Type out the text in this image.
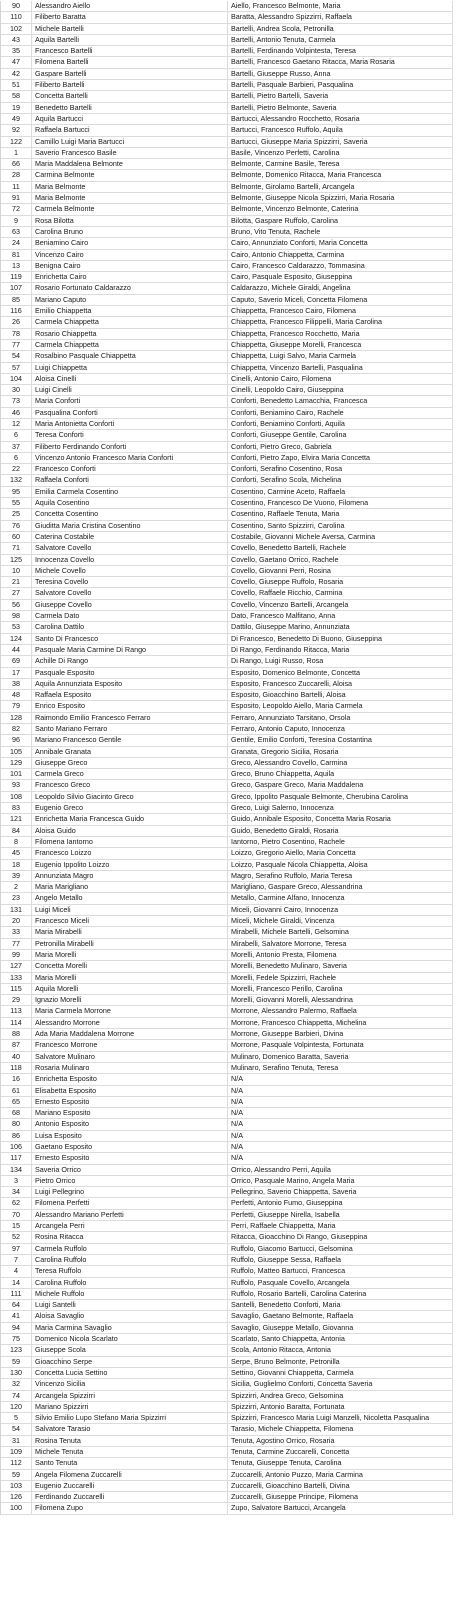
90	Alessandro Aiello	Aiello, Francesco Belmonte, Maria
110	Filiberto Baratta	Baratta, Alessandro Spizzirri, Raffaela
102	Michele Bartelli	Bartelli, Andrea Scola, Petronilla
43	Aquila Bartelli	Bartelli, Antonio Tenuta, Carmela
35	Francesco Bartelli	Bartelli, Ferdinando Volpintesta, Teresa
47	Filomena Bartelli	Bartelli, Francesco Gaetano Ritacca, Maria Rosaria
42	Gaspare Bartelli	Bartelli, Giuseppe Russo, Anna
51	Filiberto Bartelli	Bartelli, Pasquale Barbieri, Pasqualina
58	Concetta Bartelli	Bartelli, Pietro Bartelli, Saveria
19	Benedetto Bartelli	Bartelli, Pietro Belmonte, Saveria
49	Aquila Bartucci	Bartucci, Alessandro Rocchetto, Rosaria
92	Raffaela Bartucci	Bartucci, Francesco Ruffolo, Aquila
122	Camillo Luigi Maria Bartucci	Bartucci, Giuseppe Maria Spizzirri, Saveria
1	Saverio Francesco Basile	Basile, Vincenzo Perfetti, Carolina
66	Maria Maddalena Belmonte	Belmonte, Carmine Basile, Teresa
28	Carmina Belmonte	Belmonte, Domenico Ritacca, Maria Francesca
11	Maria Belmonte	Belmonte, Girolamo Bartelli, Arcangela
91	Maria Belmonte	Belmonte, Giuseppe Nicola Spizzirri, Maria Rosaria
72	Carmela Belmonte	Belmonte, Vincenzo Belmonte, Caterina
9	Rosa Bilotta	Bilotta, Gaspare Ruffolo, Carolina
63	Carolina Bruno	Bruno, Vito Tenuta, Rachele
24	Beniamino Cairo	Cairo, Annunziato Conforti, Maria Concetta
81	Vincenzo Cairo	Cairo, Antonio Chiappetta, Carmina
13	Benigna Cairo	Cairo, Francesco Caldarazzo, Tommasina
119	Enrichetta Cairo	Cairo, Pasquale Esposito, Giuseppina
107	Rosario Fortunato Caldarazzo	Caldarazzo, Michele Giraldi, Angelina
85	Mariano Caputo	Caputo, Saverio Miceli, Concetta Filomena
116	Emilio Chiappetta	Chiappetta, Francesco Cairo, Filomena
26	Carmela Chiappetta	Chiappetta, Francesco Filippelli, Maria Carolina
78	Rosario Chiappetta	Chiappetta, Francesco Rocchetto, Maria
77	Carmela Chiappetta	Chiappetta, Giuseppe Morelli, Francesca
54	Rosalbino Pasquale Chiappetta	Chiappetta, Luigi Salvo, Maria Carmela
57	Luigi Chiappetta	Chiappetta, Vincenzo Bartelli, Pasqualina
104	Aloisa Cinelli	Cinelli, Antonio Cairo, Filomena
30	Luigi Cinelli	Cinelli, Leopoldo Cairo, Giuseppina
73	Maria Conforti	Conforti, Benedetto Lamacchia, Francesca
46	Pasqualina Conforti	Conforti, Beniamino Cairo, Rachele
12	Maria Antonietta Conforti	Conforti, Beniamino Conforti, Aquila
6	Teresa Conforti	Conforti, Giuseppe Gentile, Carolina
37	Filiberto Ferdinando Conforti	Conforti, Pietro Greco, Gabriela
6	Vincenzo Antonio Francesco Maria Conforti	Conforti, Pietro Zapo, Elvira Maria Concetta
22	Francesco Conforti	Conforti, Serafino Cosentino, Rosa
132	Raffaela Conforti	Conforti, Serafino Scola, Michelina
95	Emilia Carmela Cosentino	Cosentino, Carmine Aceto, Raffaela
55	Aquila Cosentino	Cosentino, Francesco De Vuono, Filomena
25	Concetta Cosentino	Cosentino, Raffaele Tenuta, Maria
76	Giuditta Maria Cristina Cosentino	Cosentino, Santo Spizzirri, Carolina
60	Caterina Costabile	Costabile, Giovanni Michele Aversa, Carmina
71	Salvatore Covello	Covello, Benedetto Bartelli, Rachele
125	Innocenza Covello	Covello, Gaetano Orrico, Rachele
10	Michele Covello	Covello, Giovanni Perri, Rosina
21	Teresina Covello	Covello, Giuseppe Ruffolo, Rosaria
27	Salvatore Covello	Covello, Raffaele Ricchio, Carmina
56	Giuseppe Covello	Covello, Vincenzo Bartelli, Arcangela
98	Carmela Dato	Dato, Francesco Malfitano, Anna
53	Carolina Dattilo	Dattilo, Giuseppe Marino, Annunziata
124	Santo Di Francesco	Di Francesco, Benedetto Di Buono, Giuseppina
44	Pasquale Maria Carmine Di Rango	Di Rango, Ferdinando Ritacca, Maria
69	Achille Di Rango	Di Rango, Luigi Russo, Rosa
17	Pasquale Esposito	Esposito, Domenico Belmonte, Concetta
38	Aquila Annunziata Esposito	Esposito, Francesco Zuccarelli, Aloisa
48	Raffaela Esposito	Esposito, Gioacchino Bartelli, Aloisa
79	Enrico Esposito	Esposito, Leopoldo Aiello, Maria Carmela
128	Raimondo Emilio Francesco Ferraro	Ferraro, Annunziato Tarsitano, Orsola
82	Santo Mariano Ferraro	Ferraro, Antonio Caputo, Innocenza
96	Mariano Francesco Gentile	Gentile, Emilio Conforti, Teresina Costantina
105	Annibale Granata	Granata, Gregorio Sicilia, Rosaria
129	Giuseppe Greco	Greco, Alessandro Covello, Carmina
101	Carmela Greco	Greco, Bruno Chiappetta, Aquila
93	Francesco Greco	Greco, Gaspare Greco, Maria Maddalena
108	Leopoldo Silvio Giacinto Greco	Greco, Ippolito Pasquale Belmonte, Cherubina Carolina
83	Eugenio Greco	Greco, Luigi Salerno, Innocenza
121	Enrichetta Maria Francesca Guido	Guido, Annibale Esposito, Concetta Maria Rosaria
84	Aloisa Guido	Guido, Benedetto Giraldi, Rosaria
8	Filomena Iantorno	Iantorno, Pietro Cosentino, Rachele
45	Francesco Loizzo	Loizzo, Gregorio Aiello, Maria Concetta
18	Eugenio Ippolito Loizzo	Loizzo, Pasquale Nicola Chiappetta, Aloisa
39	Annunziata Magro	Magro, Serafino Ruffolo, Maria Teresa
2	Maria Marigliano	Marigliano, Gaspare Greco, Alessandrina
23	Angelo Metallo	Metallo, Carmine Alfano, Innocenza
131	Luigi Miceli	Miceli, Giovanni Cairo, Innocenza
20	Francesco Miceli	Miceli, Michele Giraldi, Vincenza
33	Maria Mirabelli	Mirabelli, Michele Bartelli, Gelsomina
77	Petronilla Mirabelli	Mirabelli, Salvatore Morrone, Teresa
99	Maria Morelli	Morelli, Antonio Presta, Filomena
127	Concetta Morelli	Morelli, Benedetto Mulinaro, Saveria
133	Maria Morelli	Morelli, Fedele Spizzirri, Rachele
115	Aquila Morelli	Morelli, Francesco Perillo, Carolina
29	Ignazio Morelli	Morelli, Giovanni Morelli, Alessandrina
113	Maria Carmela Morrone	Morrone, Alessandro Palermo, Raffaela
114	Alessandro Morrone	Morrone, Francesco Chiappetta, Michelina
88	Ada Maria Maddalena Morrone	Morrone, Giuseppe Barbieri, Divina
87	Francesco Morrone	Morrone, Pasquale Volpintesta, Fortunata
40	Salvatore Mulinaro	Mulinaro, Domenico Baratta, Saveria
118	Rosaria Mulinaro	Mulinaro, Serafino Tenuta, Teresa
16	Enrichetta Esposito	N/A
61	Elisabetta Esposito	N/A
65	Ernesto Esposito	N/A
68	Mariano Esposito	N/A
80	Antonio Esposito	N/A
86	Luisa Esposito	N/A
106	Gaetano Esposito	N/A
117	Ernesto Esposito	N/A
134	Saveria Orrico	Orrico, Alessandro Perri, Aquila
3	Pietro Orrico	Orrico, Pasquale Marino, Angela Maria
34	Luigi Pellegrino	Pellegrino, Saverio Chiappetta, Saveria
62	Filomena Perfetti	Perfetti, Antonio Fumo, Giuseppina
70	Alessandro Mariano Perfetti	Perfetti, Giuseppe Nirella, Isabella
15	Arcangela Perri	Perri, Raffaele Chiappetta, Maria
52	Rosina Ritacca	Ritacca, Gioacchino Di Rango, Giuseppina
97	Carmela Ruffolo	Ruffolo, Giacomo Bartucci, Gelsomina
7	Carolina Ruffolo	Ruffolo, Giuseppe Sessa, Raffaela
4	Teresa Ruffolo	Ruffolo, Matteo Bartucci, Francesca
14	Carolina Ruffolo	Ruffolo, Pasquale Covello, Arcangela
111	Michele Ruffolo	Ruffolo, Rosario Bartelli, Carolina Caterina
64	Luigi Santelli	Santelli, Benedetto Conforti, Maria
41	Aloisa Savaglio	Savaglio, Gaetano Belmonte, Raffaela
94	Maria Carmina Savaglio	Savaglio, Giuseppe Metallo, Giovanna
75	Domenico Nicola Scarlato	Scarlato, Santo Chiappetta, Antonia
123	Giuseppe Scola	Scola, Antonio Ritacca, Antonia
59	Gioacchino Serpe	Serpe, Bruno Belmonte, Petronilla
130	Concetta Lucia Settino	Settino, Giovanni Chiappetta, Carmela
32	Vincenzo Sicilia	Sicilia, Guglielmo Conforti, Concetta Saveria
74	Arcangela Spizzirri	Spizzirri, Andrea Greco, Gelsomina
120	Mariano Spizzirri	Spizzirri, Antonio Baratta, Fortunata
5	Silvio Emilio Lupo Stefano Maria Spizzirri	Spizzirri, Francesco Maria Luigi Manzelli, Nicoletta Pasqualina
54	Salvatore Tarasio	Tarasio, Michele Chiappetta, Filomena
31	Rosina Tenuta	Tenuta, Agostino Orrico, Rosaria
109	Michele Tenuta	Tenuta, Carmine Zuccarelli, Concetta
112	Santo Tenuta	Tenuta, Giuseppe Tenuta, Carolina
59	Angela Filomena Zuccarelli	Zuccarelli, Antonio Puzzo, Maria Carmina
103	Eugenio Zuccarelli	Zuccarelli, Gioacchino Bartelli, Divina
126	Ferdinando Zuccarelli	Zuccarelli, Giuseppe Principe, Filomena
100	Filomena Zupo	Zupo, Salvatore Bartucci, Arcangela
